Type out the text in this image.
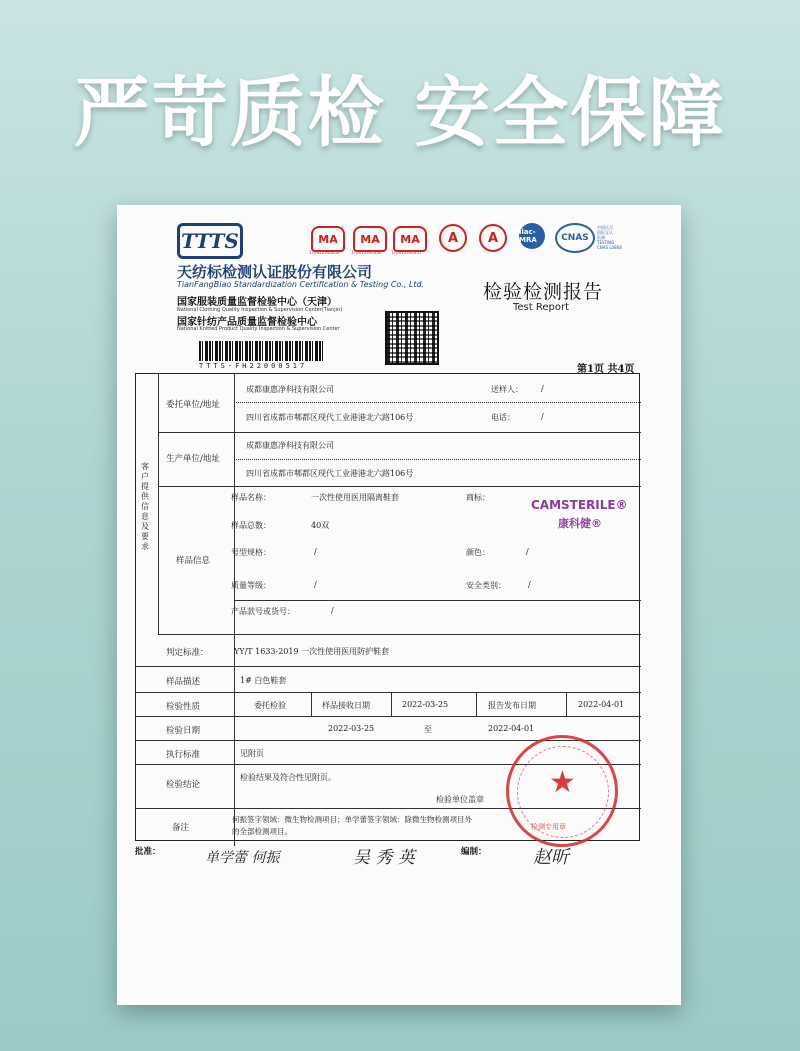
严苛质检 安全保障
TTTS
天纺标检测认证股份有限公司
TianFangBiao Standardization Certification & Testing Co., Ltd.
国家服装质量监督检验中心（天津）
National Clothing Quality Inspection & Supervision Center(Tianjin)
国家针纺产品质量监督检验中心
National Knitted Product Quality Inspection & Supervision Center
TTTS-FH22000517
MA	MA	MA	A	A
170012340456	170012340456 170012340457
ilac-MRA	CNAS
中国认可
国际互认
检测
TESTING
CNAS L0868
检验检测报告
Test Report
第1页 共4页
客户提供信息及要求
委托单位/地址
成都康惠净科技有限公司
四川省成都市郫都区现代工业港港北六路106号
送样人： /
电话：	/
生产单位/地址
成都康惠净科技有限公司
四川省成都市郫都区现代工业港港北六路106号
样品信息
样品名称：	一次性使用医用隔离鞋套	商标：
CAMSTERILE®
康科健®
样品总数：	40双
号型规格：	/	颜色：	/
质量等级：	/	安全类别：	/
产品款号或货号：	/
判定标准：	YY/T 1633-2019 一次性使用医用防护鞋套
样品描述	1# 白色鞋套
检验性质	委托检验	样品接收日期	2022-03-25	报告发布日期	2022-04-01
检验日期	2022-03-25	至	2022-04-01
执行标准	见附页
检验结论
检验结果及符合性见附页。
检验单位盖章
备注
何振签字领域：微生物检测项目；单学蕾签字领域：除微生物检测项目外
的全部检测项目。
★
检测专用章
批准：	单学蕾 何振	吴 秀 英	编制：	赵昕
